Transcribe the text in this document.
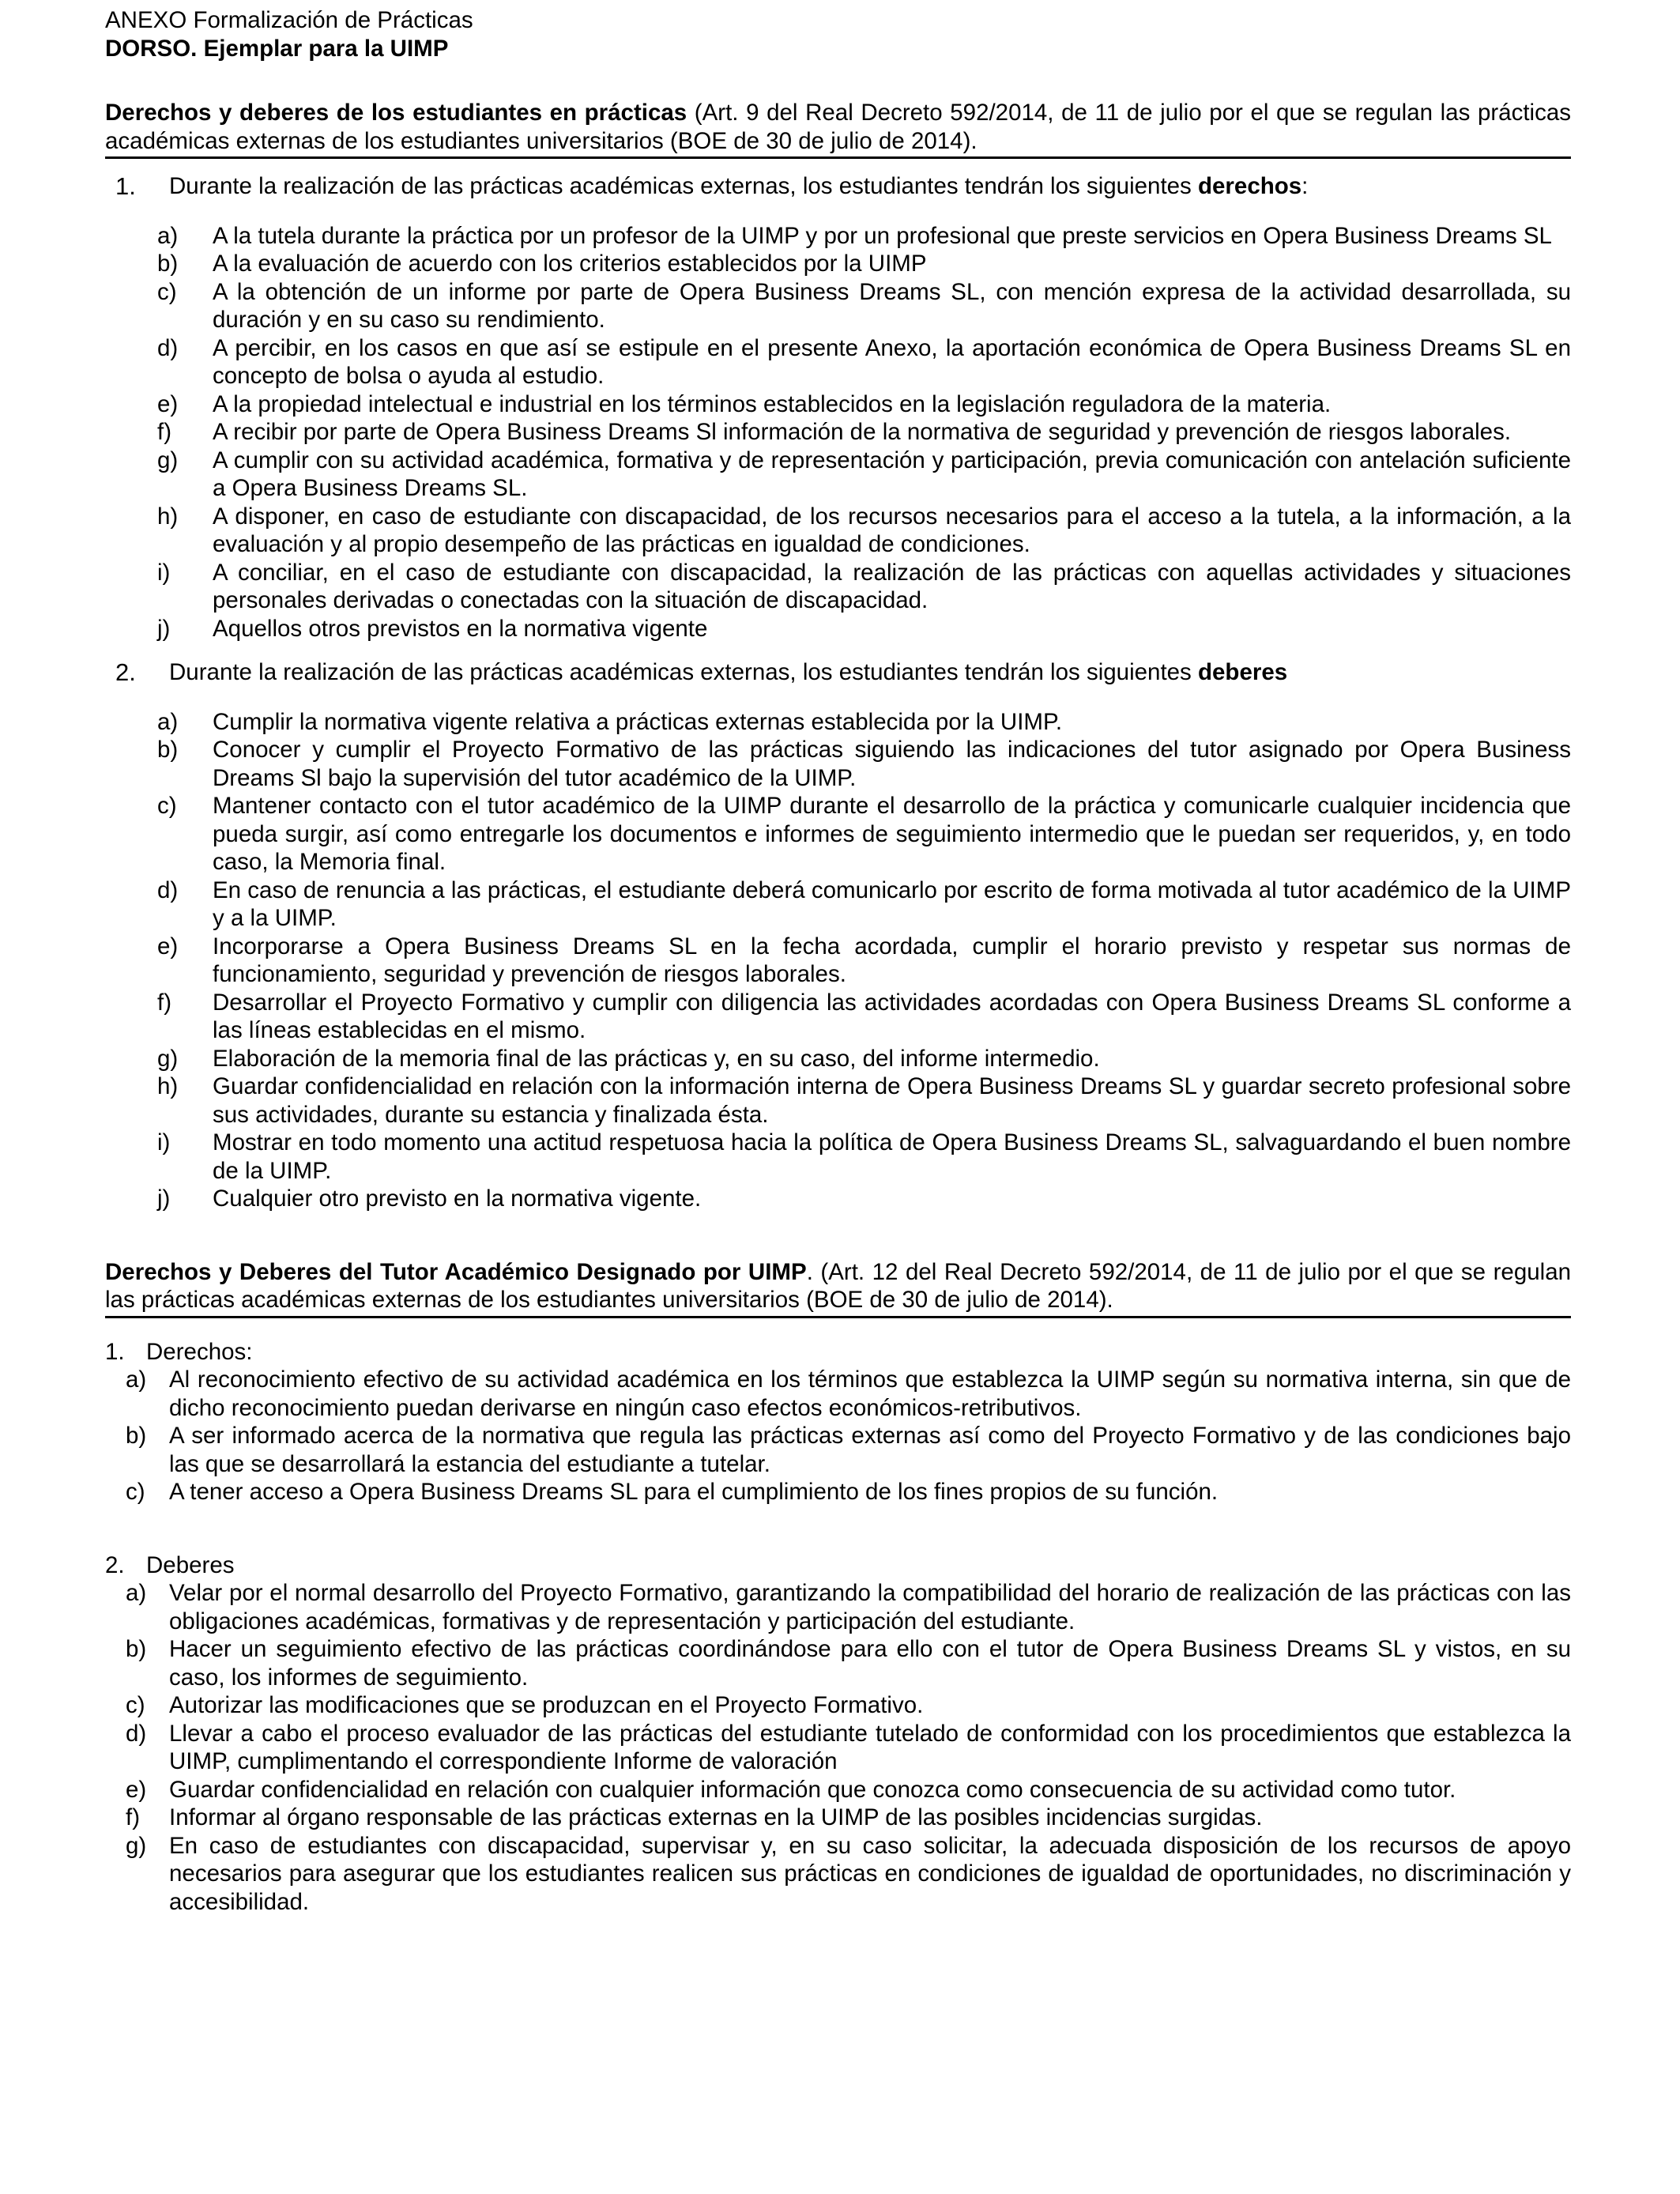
ANEXO Formalización de Prácticas

DORSO. Ejemplar para la UIMP

Derechos y deberes de los estudiantes en prácticas (Art. 9 del Real Decreto 592/2014, de 11 de julio por el que se regulan las prácticas académicas externas de los estudiantes universitarios (BOE de 30 de julio de 2014).

1. Durante la realización de las prácticas académicas externas, los estudiantes tendrán los siguientes derechos:

a) A la tutela durante la práctica por un profesor de la UIMP y por un profesional que preste servicios en Opera Business Dreams SL
b) A la evaluación de acuerdo con los criterios establecidos por la UIMP
c) A la obtención de un informe por parte de Opera Business Dreams SL, con mención expresa de la actividad desarrollada, su duración y en su caso su rendimiento.
d) A percibir, en los casos en que así se estipule en el presente Anexo, la aportación económica de Opera Business Dreams SL en concepto de bolsa o ayuda al estudio.
e) A la propiedad intelectual e industrial en los términos establecidos en la legislación reguladora de la materia.
f) A recibir por parte de Opera Business Dreams Sl información de la normativa de seguridad y prevención de riesgos laborales.
g) A cumplir con su actividad académica, formativa y de representación y participación, previa comunicación con antelación suficiente a Opera Business Dreams SL.
h) A disponer, en caso de estudiante con discapacidad, de los recursos necesarios para el acceso a la tutela, a la información, a la evaluación y al propio desempeño de las prácticas en igualdad de condiciones.
i) A conciliar, en el caso de estudiante con discapacidad, la realización de las prácticas con aquellas actividades y situaciones personales derivadas o conectadas con la situación de discapacidad.
j) Aquellos otros previstos en la normativa vigente

2. Durante la realización de las prácticas académicas externas, los estudiantes tendrán los siguientes deberes

a) Cumplir la normativa vigente relativa a prácticas externas establecida por la UIMP.
b) Conocer y cumplir el Proyecto Formativo de las prácticas siguiendo las indicaciones del tutor asignado por Opera Business Dreams Sl bajo la supervisión del tutor académico de la UIMP.
c) Mantener contacto con el tutor académico de la UIMP durante el desarrollo de la práctica y comunicarle cualquier incidencia que pueda surgir, así como entregarle los documentos e informes de seguimiento intermedio que le puedan ser requeridos, y, en todo caso, la Memoria final.
d) En caso de renuncia a las prácticas, el estudiante deberá comunicarlo por escrito de forma motivada al tutor académico de la UIMP y a la UIMP.
e) Incorporarse a Opera Business Dreams SL en la fecha acordada, cumplir el horario previsto y respetar sus normas de funcionamiento, seguridad y prevención de riesgos laborales.
f) Desarrollar el Proyecto Formativo y cumplir con diligencia las actividades acordadas con Opera Business Dreams SL conforme a las líneas establecidas en el mismo.
g) Elaboración de la memoria final de las prácticas y, en su caso, del informe intermedio.
h) Guardar confidencialidad en relación con la información interna de Opera Business Dreams SL y guardar secreto profesional sobre sus actividades, durante su estancia y finalizada ésta.
i) Mostrar en todo momento una actitud respetuosa hacia la política de Opera Business Dreams SL, salvaguardando el buen nombre de la UIMP.
j) Cualquier otro previsto en la normativa vigente.

Derechos y Deberes del Tutor Académico Designado por UIMP. (Art. 12 del Real Decreto 592/2014, de 11 de julio por el que se regulan las prácticas académicas externas de los estudiantes universitarios (BOE de 30 de julio de 2014).

1. Derechos:

a) Al reconocimiento efectivo de su actividad académica en los términos que establezca la UIMP según su normativa interna, sin que de dicho reconocimiento puedan derivarse en ningún caso efectos económicos-retributivos.
b) A ser informado acerca de la normativa que regula las prácticas externas así como del Proyecto Formativo y de las condiciones bajo las que se desarrollará la estancia del estudiante a tutelar.
c) A tener acceso a Opera Business Dreams SL para el cumplimiento de los fines propios de su función.

2. Deberes

a) Velar por el normal desarrollo del Proyecto Formativo, garantizando la compatibilidad del horario de realización de las prácticas con las obligaciones académicas, formativas y de representación y participación del estudiante.
b) Hacer un seguimiento efectivo de las prácticas coordinándose para ello con el tutor de Opera Business Dreams SL y vistos, en su caso, los informes de seguimiento.
c) Autorizar las modificaciones que se produzcan en el Proyecto Formativo.
d) Llevar a cabo el proceso evaluador de las prácticas del estudiante tutelado de conformidad con los procedimientos que establezca la UIMP, cumplimentando el correspondiente Informe de valoración
e) Guardar confidencialidad en relación con cualquier información que conozca como consecuencia de su actividad como tutor.
f) Informar al órgano responsable de las prácticas externas en la UIMP de las posibles incidencias surgidas.
g) En caso de estudiantes con discapacidad, supervisar y, en su caso solicitar, la adecuada disposición de los recursos de apoyo necesarios para asegurar que los estudiantes realicen sus prácticas en condiciones de igualdad de oportunidades, no discriminación y accesibilidad.
